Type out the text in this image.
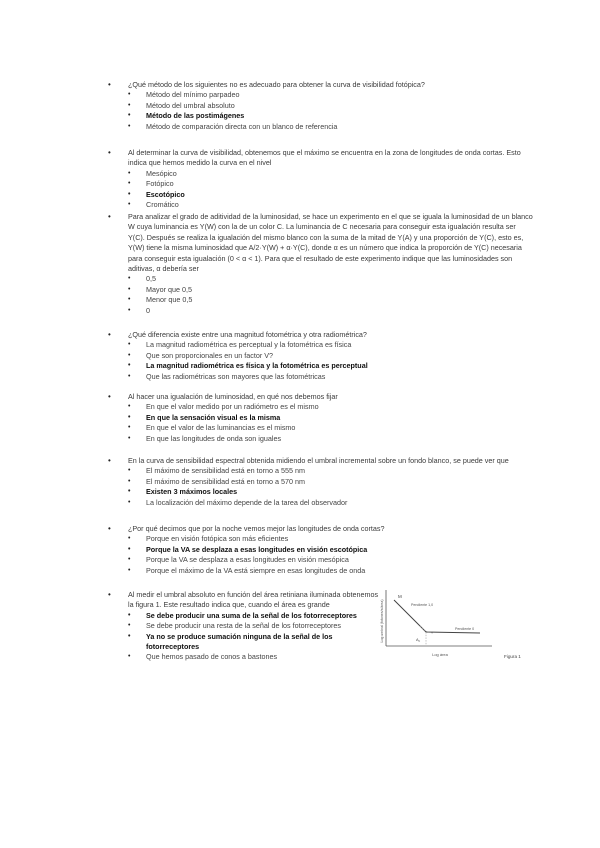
• ¿Qué método de los siguientes no es adecuado para obtener la curva de visibilidad fotópica?
• Método del mínimo parpadeo
• Método del umbral absoluto
• Método de las postimágenes
• Método de comparación directa con un blanco de referencia
• Al determinar la curva de visibilidad, obtenemos que el máximo se encuentra en la zona de longitudes de onda cortas. Esto indica que hemos medido la curva en el nivel
• Mesópico
• Fotópico
• Escotópico
• Cromático
• Para analizar el grado de aditividad de la luminosidad, se hace un experimento en el que se iguala la luminosidad de un blanco W cuya luminancia es Y(W) con la de un color C. La luminancia de C necesaria para conseguir esta igualación resulta ser Y(C). Después se realiza la igualación del mismo blanco con la suma de la mitad de Y(A) y una proporción de Y(C), esto es, Y(W) tiene la misma luminosidad que A/2·Y(W) + α·Y(C), donde α es un número que indica la proporción de Y(C) necesaria para conseguir esta igualación (0 < α < 1). Para que el resultado de este experimento indique que las luminosidades son aditivas, α debería ser
• 0,5
• Mayor que 0,5
• Menor que 0,5
• 0
• ¿Qué diferencia existe entre una magnitud fotométrica y otra radiométrica?
• La magnitud radiométrica es perceptual y la fotométrica es física
• Que son proporcionales en un factor V?
• La magnitud radiométrica es física y la fotométrica es perceptual
• Que las radiométricas son mayores que las fotométricas
• Al hacer una igualación de luminosidad, en qué nos debemos fijar
• En que el valor medido por un radiómetro es el mismo
• En que la sensación visual es la misma
• En que el valor de las luminancias es el mismo
• En que las longitudes de onda son iguales
• En la curva de sensibilidad espectral obtenida midiendo el umbral incremental sobre un fondo blanco, se puede ver que
• El máximo de sensibilidad está en torno a 555 nm
• El máximo de sensibilidad está en torno a 570 nm
• Existen 3 máximos locales
• La localización del máximo depende de la tarea del observador
• ¿Por qué decimos que por la noche vemos mejor las longitudes de onda cortas?
• Porque en visión fotópica son más eficientes
• Porque la VA se desplaza a esas longitudes en visión escotópica
• Porque la VA se desplaza a esas longitudes en visión mesópica
• Porque el máximo de la VA está siempre en esas longitudes de onda
• Al medir el umbral absoluto en función del área retiniana iluminada obtenemos la figura 1. Este resultado indica que, cuando el área es grande
• Se debe producir una suma de la señal de los fotorreceptores
• Se debe producir una resta de la señal de los fotorreceptores
• Ya no se produce sumación ninguna de la señal de los fotorreceptores
• Que hemos pasado de conos a bastones
Log umbral (fotones/s/área)
Log área
M
$A_c$
Pendiente 1,0
Pendiente 0
Figura 1
